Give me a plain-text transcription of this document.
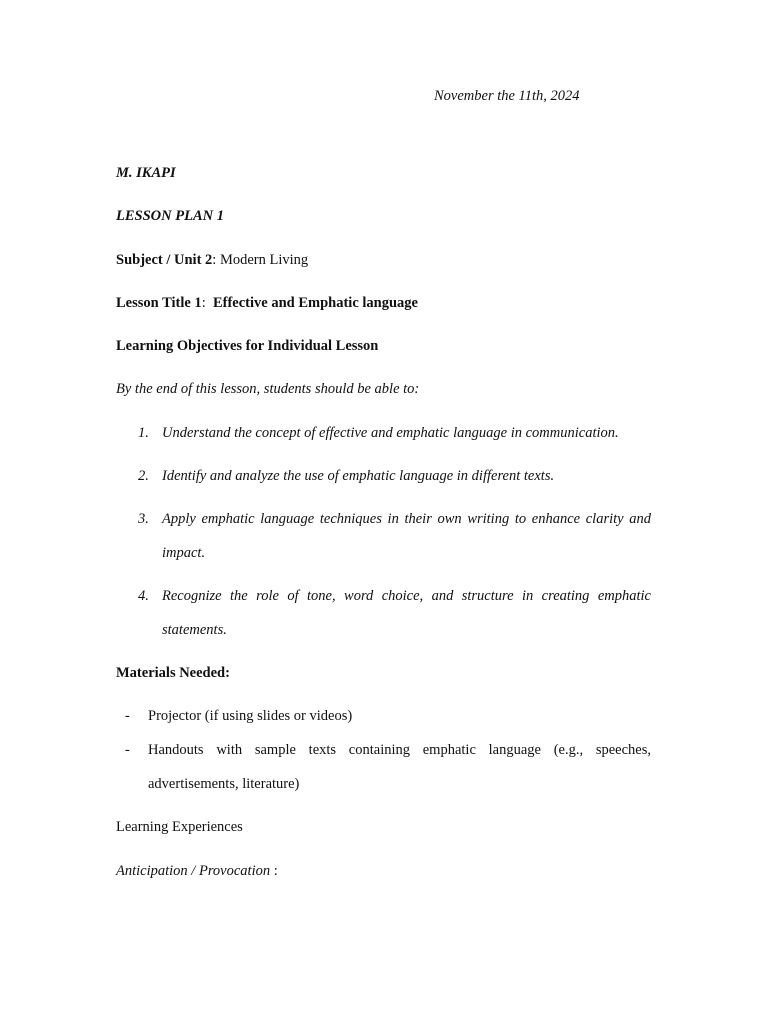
November the 11th, 2024
M. IKAPI
LESSON PLAN 1
Subject / Unit 2: Modern Living
Lesson Title 1:  Effective and Emphatic language
Learning Objectives for Individual Lesson
By the end of this lesson, students should be able to:
1. Understand the concept of effective and emphatic language in communication.
2. Identify and analyze the use of emphatic language in different texts.
3. Apply emphatic language techniques in their own writing to enhance clarity and impact.
4. Recognize the role of tone, word choice, and structure in creating emphatic statements.
Materials Needed:
- Projector (if using slides or videos)
- Handouts with sample texts containing emphatic language (e.g., speeches, advertisements, literature)
Learning Experiences
Anticipation / Provocation :
